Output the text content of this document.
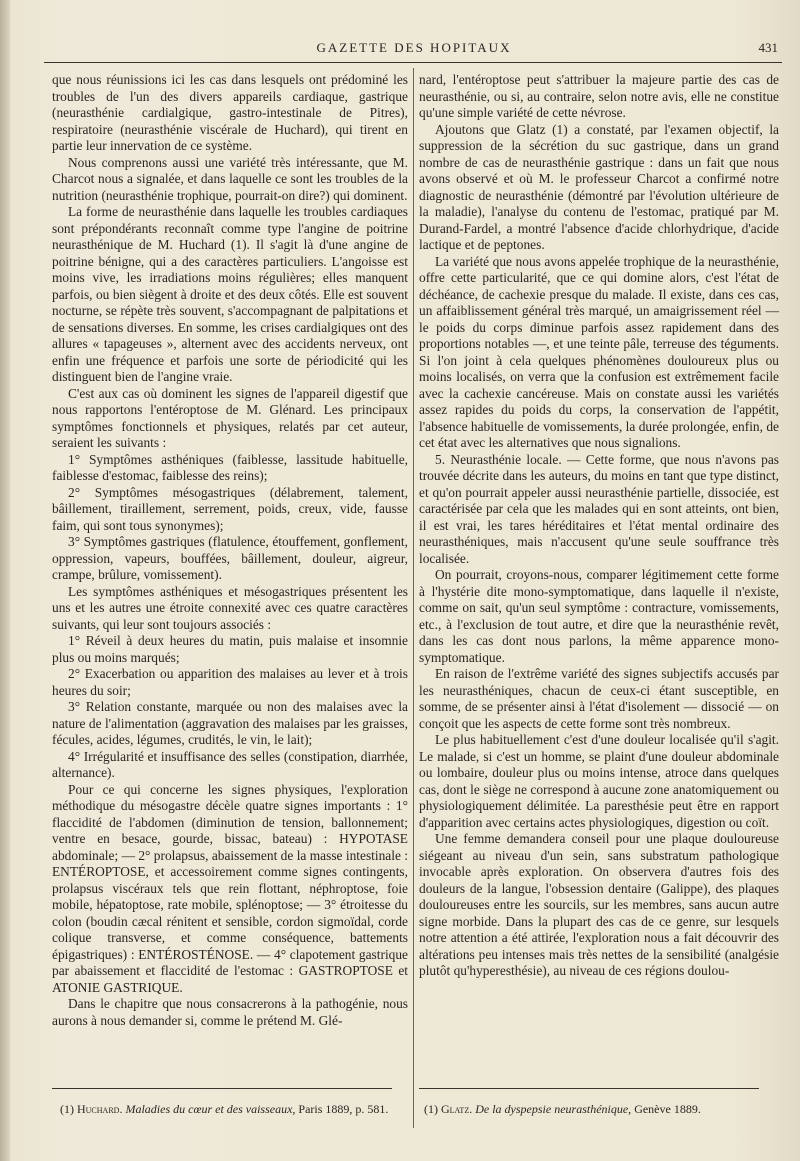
GAZETTE DES HOPITAUX	431

que nous réunissions ici les cas dans lesquels ont prédominé les troubles de l'un des divers appareils cardiaque, gastrique (neurasthénie cardialgique, gastro-intestinale de Pitres), respiratoire (neurasthénie viscérale de Huchard), qui tirent en partie leur innervation de ce système.

Nous comprenons aussi une variété très intéressante, que M. Charcot nous a signalée, et dans laquelle ce sont les troubles de la nutrition (neurasthénie trophique, pourrait-on dire?) qui dominent.

La forme de neurasthénie dans laquelle les troubles cardiaques sont prépondérants reconnaît comme type l'angine de poitrine neurasthénique de M. Huchard (1). Il s'agit là d'une angine de poitrine bénigne, qui a des caractères particuliers. L'angoisse est moins vive, les irradiations moins régulières; elles manquent parfois, ou bien siègent à droite et des deux côtés. Elle est souvent nocturne, se répète très souvent, s'accompagnant de palpitations et de sensations diverses. En somme, les crises cardialgiques ont des allures « tapageuses », alternent avec des accidents nerveux, ont enfin une fréquence et parfois une sorte de périodicité qui les distinguent bien de l'angine vraie.

C'est aux cas où dominent les signes de l'appareil digestif que nous rapportons l'entéroptose de M. Glénard. Les principaux symptômes fonctionnels et physiques, relatés par cet auteur, seraient les suivants :

1° Symptômes asthéniques (faiblesse, lassitude habituelle, faiblesse d'estomac, faiblesse des reins);

2° Symptômes mésogastriques (délabrement, talement, bâillement, tiraillement, serrement, poids, creux, vide, fausse faim, qui sont tous synonymes);

3° Symptômes gastriques (flatulence, étouffement, gonflement, oppression, vapeurs, bouffées, bâillement, douleur, aigreur, crampe, brûlure, vomissement).

Les symptômes asthéniques et mésogastriques présentent les uns et les autres une étroite connexité avec ces quatre caractères suivants, qui leur sont toujours associés :

1° Réveil à deux heures du matin, puis malaise et insomnie plus ou moins marqués;

2° Exacerbation ou apparition des malaises au lever et à trois heures du soir;

3° Relation constante, marquée ou non des malaises avec la nature de l'alimentation (aggravation des malaises par les graisses, fécules, acides, légumes, crudités, le vin, le lait);

4° Irrégularité et insuffisance des selles (constipation, diarrhée, alternance).

Pour ce qui concerne les signes physiques, l'exploration méthodique du mésogastre décèle quatre signes importants : 1° flaccidité de l'abdomen (diminution de tension, ballonnement; ventre en besace, gourde, bissac, bateau) : HYPOTASE abdominale; — 2° prolapsus, abaissement de la masse intestinale : ENTÉROPTOSE, et accessoirement comme signes contingents, prolapsus viscéraux tels que rein flottant, néphroptose, foie mobile, hépatoptose, rate mobile, splénoptose; — 3° étroitesse du colon (boudin cæcal rénitent et sensible, cordon sigmoïdal, corde colique transverse, et comme conséquence, battements épigastriques) : ENTÉROSTÉNOSE. — 4° clapotement gastrique par abaissement et flaccidité de l'estomac : GASTROPTOSE et ATONIE GASTRIQUE.

Dans le chapitre que nous consacrerons à la pathogénie, nous aurons à nous demander si, comme le prétend M. Glé-

nard, l'entéroptose peut s'attribuer la majeure partie des cas de neurasthénie, ou si, au contraire, selon notre avis, elle ne constitue qu'une simple variété de cette névrose.

Ajoutons que Glatz (1) a constaté, par l'examen objectif, la suppression de la sécrétion du suc gastrique, dans un grand nombre de cas de neurasthénie gastrique : dans un fait que nous avons observé et où M. le professeur Charcot a confirmé notre diagnostic de neurasthénie (démontré par l'évolution ultérieure de la maladie), l'analyse du contenu de l'estomac, pratiqué par M. Durand-Fardel, a montré l'absence d'acide chlorhydrique, d'acide lactique et de peptones.

La variété que nous avons appelée trophique de la neurasthénie, offre cette particularité, que ce qui domine alors, c'est l'état de déchéance, de cachexie presque du malade. Il existe, dans ces cas, un affaiblissement général très marqué, un amaigrissement réel — le poids du corps diminue parfois assez rapidement dans des proportions notables —, et une teinte pâle, terreuse des téguments. Si l'on joint à cela quelques phénomènes douloureux plus ou moins localisés, on verra que la confusion est extrêmement facile avec la cachexie cancéreuse. Mais on constate aussi les variétés assez rapides du poids du corps, la conservation de l'appétit, l'absence habituelle de vomissements, la durée prolongée, enfin, de cet état avec les alternatives que nous signalions.

5. Neurasthénie locale. — Cette forme, que nous n'avons pas trouvée décrite dans les auteurs, du moins en tant que type distinct, et qu'on pourrait appeler aussi neurasthénie partielle, dissociée, est caractérisée par cela que les malades qui en sont atteints, ont bien, il est vrai, les tares héréditaires et l'état mental ordinaire des neurasthéniques, mais n'accusent qu'une seule souffrance très localisée.

On pourrait, croyons-nous, comparer légitimement cette forme à l'hystérie dite mono-symptomatique, dans laquelle il n'existe, comme on sait, qu'un seul symptôme : contracture, vomissements, etc., à l'exclusion de tout autre, et dire que la neurasthénie revêt, dans les cas dont nous parlons, la même apparence mono-symptomatique.

En raison de l'extrême variété des signes subjectifs accusés par les neurasthéniques, chacun de ceux-ci étant susceptible, en somme, de se présenter ainsi à l'état d'isolement — dissocié — on conçoit que les aspects de cette forme sont très nombreux.

Le plus habituellement c'est d'une douleur localisée qu'il s'agit. Le malade, si c'est un homme, se plaint d'une douleur abdominale ou lombaire, douleur plus ou moins intense, atroce dans quelques cas, dont le siège ne correspond à aucune zone anatomiquement ou physiologiquement délimitée. La paresthésie peut être en rapport d'apparition avec certains actes physiologiques, digestion ou coït.

Une femme demandera conseil pour une plaque douloureuse siégeant au niveau d'un sein, sans substratum pathologique invocable après exploration. On observera d'autres fois des douleurs de la langue, l'obsession dentaire (Galippe), des plaques douloureuses entre les sourcils, sur les membres, sans aucun autre signe morbide. Dans la plupart des cas de ce genre, sur lesquels notre attention a été attirée, l'exploration nous a fait découvrir des altérations peu intenses mais très nettes de la sensibilité (analgésie plutôt qu'hyperesthésie), au niveau de ces régions doulou-

(1) Huchard. Maladies du cœur et des vaisseaux, Paris 1889, p. 581.	(1) Glatz. De la dyspepsie neurasthénique, Genève 1889.
